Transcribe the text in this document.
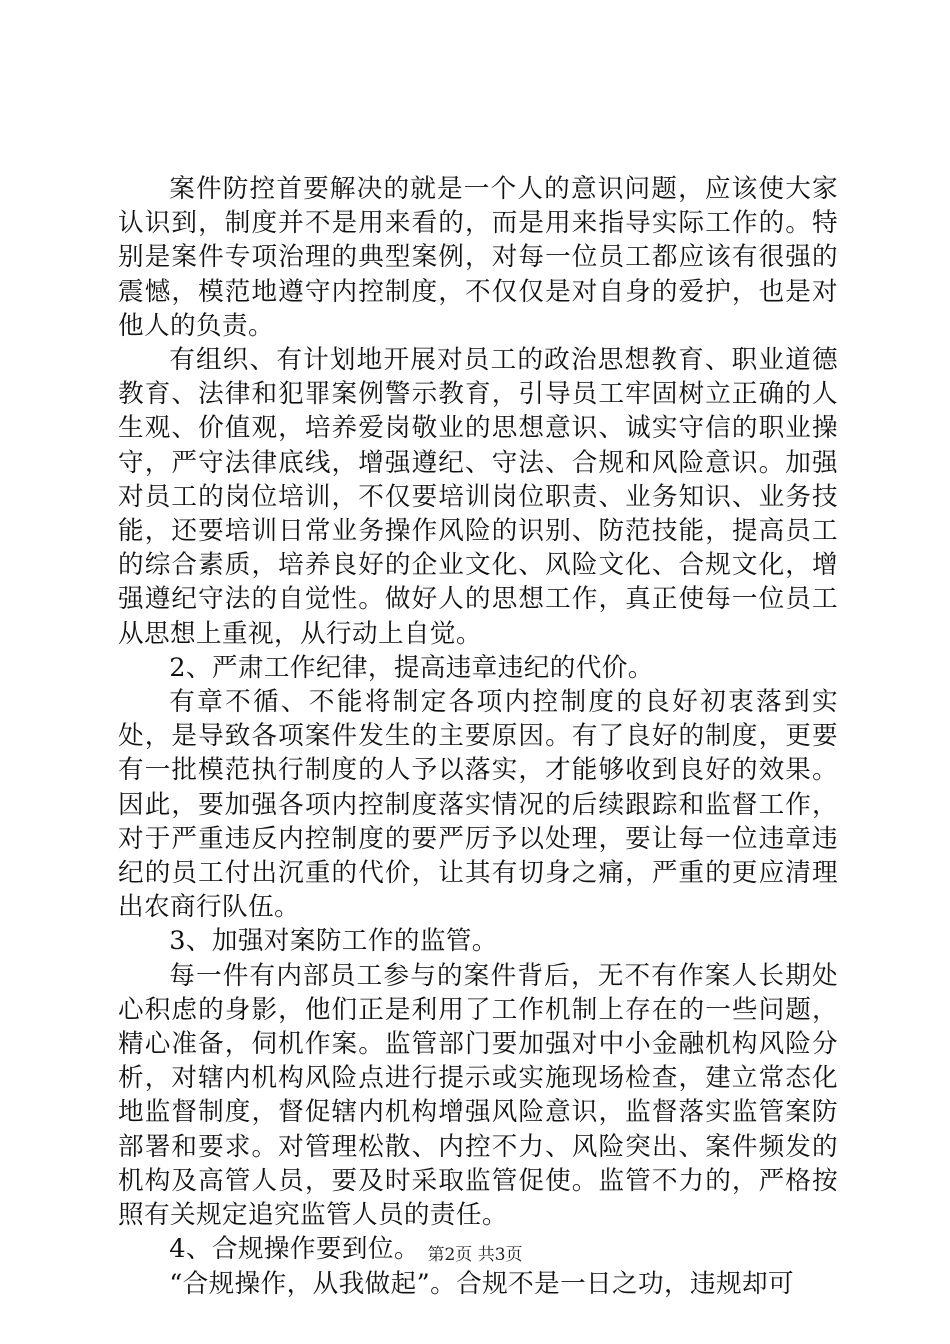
案件防控首要解决的就是一个人的意识问题，应该使大家认识到，制度并不是用来看的，而是用来指导实际工作的。特别是案件专项治理的典型案例，对每一位员工都应该有很强的震憾，模范地遵守内控制度，不仅仅是对自身的爱护，也是对他人的负责。

有组织、有计划地开展对员工的政治思想教育、职业道德教育、法律和犯罪案例警示教育，引导员工牢固树立正确的人生观、价值观，培养爱岗敬业的思想意识、诚实守信的职业操守，严守法律底线，增强遵纪、守法、合规和风险意识。加强对员工的岗位培训，不仅要培训岗位职责、业务知识、业务技能，还要培训日常业务操作风险的识别、防范技能，提高员工的综合素质，培养良好的企业文化、风险文化、合规文化，增强遵纪守法的自觉性。做好人的思想工作，真正使每一位员工从思想上重视，从行动上自觉。

2、严肃工作纪律，提高违章违纪的代价。

有章不循、不能将制定各项内控制度的良好初衷落到实处，是导致各项案件发生的主要原因。有了良好的制度，更要有一批模范执行制度的人予以落实，才能够收到良好的效果。因此，要加强各项内控制度落实情况的后续跟踪和监督工作，对于严重违反内控制度的要严厉予以处理，要让每一位违章违纪的员工付出沉重的代价，让其有切身之痛，严重的更应清理出农商行队伍。

3、加强对案防工作的监管。

每一件有内部员工参与的案件背后，无不有作案人长期处心积虑的身影，他们正是利用了工作机制上存在的一些问题，精心准备，伺机作案。监管部门要加强对中小金融机构风险分析，对辖内机构风险点进行提示或实施现场检查，建立常态化地监督制度，督促辖内机构增强风险意识，监督落实监管案防部署和要求。对管理松散、内控不力、风险突出、案件频发的机构及高管人员，要及时采取监管促使。监管不力的，严格按照有关规定追究监管人员的责任。

4、合规操作要到位。

“合规操作，从我做起”。合规不是一日之功，违规却可

第2页 共3页
